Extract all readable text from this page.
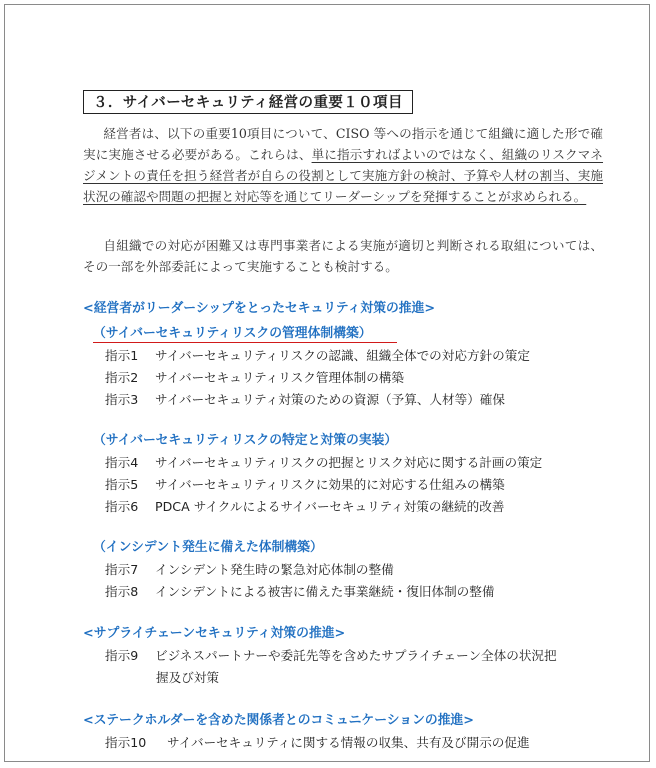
３．サイバーセキュリティ経営の重要１０項目
経営者は、以下の重要10項目について、CISO 等への指示を通じて組織に適した形で確実に実施させる必要がある。これらは、単に指示すればよいのではなく、組織のリスクマネジメントの責任を担う経営者が自らの役割として実施方針の検討、予算や人材の割当、実施状況の確認や問題の把握と対応等を通じてリーダーシップを発揮することが求められる。
自組織での対応が困難又は専門事業者による実施が適切と判断される取組については、その一部を外部委託によって実施することも検討する。
<経営者がリーダーシップをとったセキュリティ対策の推進>
（サイバーセキュリティリスクの管理体制構築）
指示1 サイバーセキュリティリスクの認識、組織全体での対応方針の策定
指示2 サイバーセキュリティリスク管理体制の構築
指示3 サイバーセキュリティ対策のための資源（予算、人材等）確保
（サイバーセキュリティリスクの特定と対策の実装）
指示4 サイバーセキュリティリスクの把握とリスク対応に関する計画の策定
指示5 サイバーセキュリティリスクに効果的に対応する仕組みの構築
指示6 PDCA サイクルによるサイバーセキュリティ対策の継続的改善
（インシデント発生に備えた体制構築）
指示7 インシデント発生時の緊急対応体制の整備
指示8 インシデントによる被害に備えた事業継続・復旧体制の整備
<サプライチェーンセキュリティ対策の推進>
指示9 ビジネスパートナーや委託先等を含めたサプライチェーン全体の状況把
握及び対策
<ステークホルダーを含めた関係者とのコミュニケーションの推進>
指示10 サイバーセキュリティに関する情報の収集、共有及び開示の促進
